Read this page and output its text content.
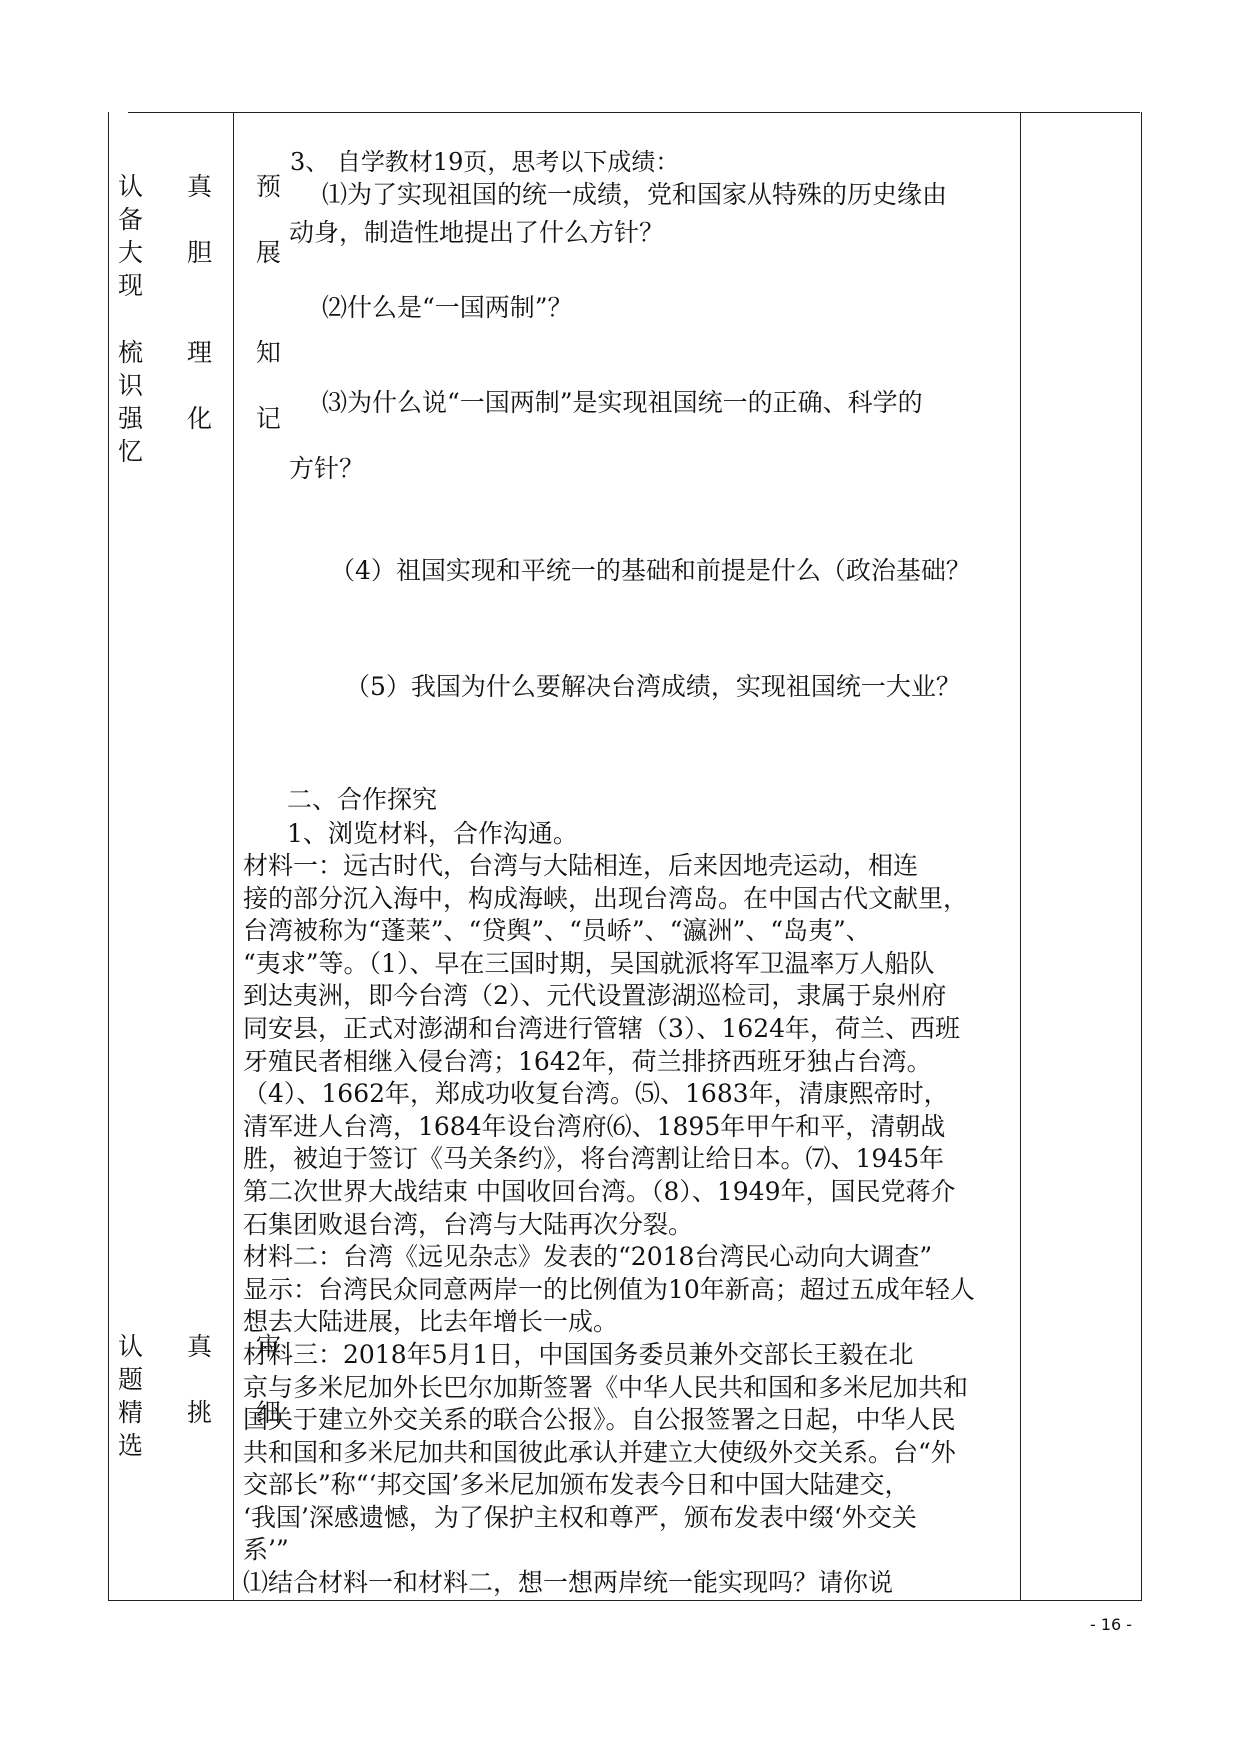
认 真 预
备
大 胆 展
现
梳 理 知
识
强 化 记
忆
认 真 审
题
精 挑 细
选
3、 自学教材19页，思考以下成绩：
⑴为了实现祖国的统一成绩，党和国家从特殊的历史缘由
动身，制造性地提出了什么方针？
⑵什么是“一国两制”？
⑶为什么说“一国两制”是实现祖国统一的正确、科学的
方针？
（4）祖国实现和平统一的基础和前提是什么（政治基础？
（5）我国为什么要解决台湾成绩，实现祖国统一大业？
二、合作探究
1、浏览材料，合作沟通。
材料一：远古时代，台湾与大陆相连，后来因地壳运动，相连
接的部分沉入海中，构成海峡，出现台湾岛。在中国古代文献里，
台湾被称为“蓬莱”、“贷舆”、“员峤”、“瀛洲”、“岛夷”、
“夷求”等。（1）、早在三国时期，吴国就派将军卫温率万人船队
到达夷洲，即今台湾（2）、元代设置澎湖巡检司，隶属于泉州府
同安县，正式对澎湖和台湾进行管辖（3）、1624年，荷兰、西班
牙殖民者相继入侵台湾；1642年，荷兰排挤西班牙独占台湾。
（4）、1662年，郑成功收复台湾。⑸、1683年，清康熙帝时，
清军进人台湾，1684年设台湾府⑹、1895年甲午和平，清朝战
胜，被迫于签订《马关条约》，将台湾割让给日本。⑺、1945年
第二次世界大战结束 中国收回台湾。（8）、1949年，国民党蒋介
石集团败退台湾，台湾与大陆再次分裂。
材料二：台湾《远见杂志》发表的“2018台湾民心动向大调查”
显示：台湾民众同意两岸一的比例值为10年新高；超过五成年轻人
想去大陆进展，比去年增长一成。
材料三：2018年5月1日，中国国务委员兼外交部长王毅在北
京与多米尼加外长巴尔加斯签署《中华人民共和国和多米尼加共和
国关于建立外交关系的联合公报》。自公报签署之日起，中华人民
共和国和多米尼加共和国彼此承认并建立大使级外交关系。台“外
交部长”称“‘邦交国’多米尼加颁布发表今日和中国大陆建交，
‘我国’深感遗憾，为了保护主权和尊严，颁布发表中缀‘外交关
系’”
⑴结合材料一和材料二，想一想两岸统一能实现吗？请你说
- 16 -
